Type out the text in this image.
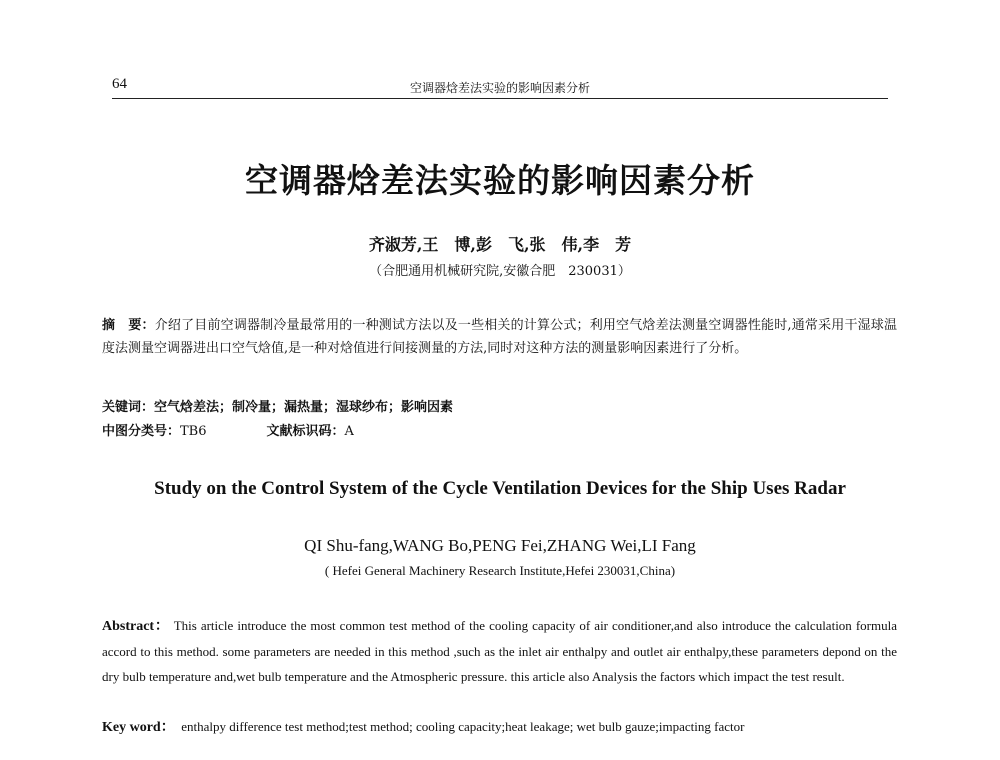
64	空调器焓差法实验的影响因素分析
空调器焓差法实验的影响因素分析
齐淑芳,王　博,彭　飞,张　伟,李　芳
（合肥通用机械研究院,安徽合肥　230031）
摘　要：介绍了目前空调器制冷量最常用的一种测试方法以及一些相关的计算公式；利用空气焓差法测量空调器性能时,通常采用干湿球温度法测量空调器进出口空气焓值,是一种对焓值进行间接测量的方法,同时对这种方法的测量影响因素进行了分析。
关键词：空气焓差法；制冷量；漏热量；湿球纱布；影响因素
中图分类号：TB6	文献标识码：A
Study on the Control System of the Cycle Ventilation Devices for the Ship Uses Radar
QI Shu-fang,WANG Bo,PENG Fei,ZHANG Wei,LI Fang
( Hefei General Machinery Research Institute,Hefei 230031,China)
Abstract： This article introduce the most common test method of the cooling capacity of air conditioner,and also introduce the calculation formula accord to this method. some parameters are needed in this method ,such as the inlet air enthalpy and outlet air enthalpy,these parameters depond on the dry bulb temperature and,wet bulb temperature and the Atmospheric pressure. this article also Analysis the factors which impact the test result.
Key word： enthalpy difference test method;test method; cooling capacity;heat leakage; wet bulb gauze;impacting factor
